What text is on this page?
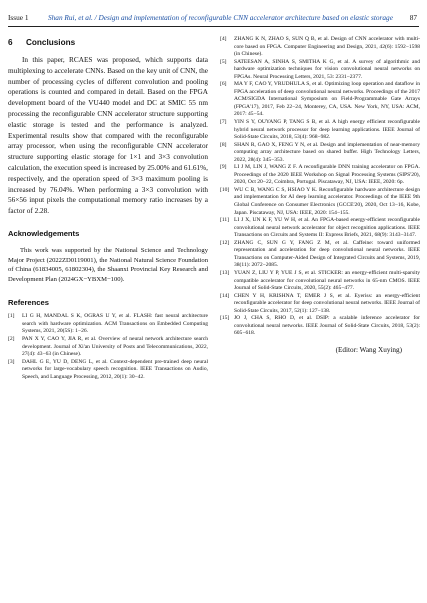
Issue 1	Shan Rui, et al. / Design and implementation of reconfigurable CNN accelerator architecture based on elastic storage 87
6 Conclusions

In this paper, RCAES was proposed, which supports data multiplexing to accelerate CNNs. Based on the key unit of CNN, the number of processing cycles of different convolution and pooling operations is counted and compared in detail. Based on the FPGA development board of the VU440 model and DC at SMIC 55 nm processing the reconfigurable CNN accelerator structure supporting elastic storage is tested and the performance is analyzed. Experimental results show that compared with the reconfigurable array processor, when using the reconfigurable CNN accelerator structure supporting elastic storage for 1×1 and 3×3 convolution calculation, the execution speed is increased by 25.00% and 61.61%, respectively, and the operation speed of 3×3 maximum pooling is increased by 76.04%. When performing a 3×3 convolution with 56×56 input pixels the computational memory ratio increases by a factor of 2.28.

Acknowledgements

This work was supported by the National Science and Technology Major Project (2022ZD0119001), the National Natural Science Foundation of China (61834005, 61802304), the Shaanxi Provincial Key Research and Development Plan (2024GX−YBXM−100).

References
[1] LI G H, MANDAL S K, OGRAS U Y, et al. FLASH: fast neural architecture search with hardware optimization. ACM Transactions on Embedded Computing Systems, 2021, 20(5S): 1−26.
[2] PAN X Y, CAO Y, JIA R, et al. Overview of neural network architecture search development. Journal of Xi'an University of Posts and Telecommunications, 2022, 27(4): 43−63 (in Chinese).
[3] DAHL G E, YU D, DENG L, et al. Context-dependent pre-trained deep neural networks for large-vocabulary speech recognition. IEEE Transactions on Audio, Speech, and Language Processing, 2012, 20(1): 30−42.
[4] ZHANG K N, ZHAO S, SUN Q B, et al. Design of CNN accelerator with multi-core based on FPGA. Computer Engineering and Design, 2021, 42(6): 1592−1598 (in Chinese).
[5] SATEESAN A, SINHA S, SMITHA K G, et al. A survey of algorithmic and hardware optimization techniques for vision convolutional neural networks on FPGAs. Neural Processing Letters, 2021, 53: 2331−2377.
[6] MA Y F, CAO Y, VRUDHULA S, et al. Optimizing loop operation and dataflow in FPGA acceleration of deep convolutional neural networks. Proceedings of the 2017 ACM/SIGDA International Symposium on Field-Programmable Gate Arrays (FPGA'17), 2017, Feb 22−24, Monterey, CA, USA. New York, NY, USA: ACM, 2017: 45−54.
[7] YIN S Y, OUYANG P, TANG S B, et al. A high energy efficient reconfigurable hybrid neural network processor for deep learning applications. IEEE Journal of Solid-State Circuits, 2018, 53(4): 968−982.
[8] SHAN R, GAO X, FENG Y N, et al. Design and implementation of near-memory computing array architecture based on shared buffer. High Technology Letters, 2022, 28(4): 345−353.
[9] LI J M, LIN J, WANG Z F. A reconfigurable DNN training accelerator on FPGA. Proceedings of the 2020 IEEE Workshop on Signal Processing Systems (SIPS'20), 2020, Oct 20−22, Coimbra, Portugal. Piscataway, NJ, USA: IEEE, 2020: 6p.
[10] WU C B, WANG C S, HSIAO Y K. Reconfigurable hardware architecture design and implementation for AI deep learning accelerator. Proceedings of the IEEE 9th Global Conference on Consumer Electronics (GCCE'20), 2020, Oct 13−16, Kobe, Japan. Piscataway, NJ, USA: IEEE, 2020: 154−155.
[11] LI J X, UN K F, YU W H, et al. An FPGA-based energy-efficient reconfigurable convolutional neural network accelerator for object recognition applications. IEEE Transactions on Circuits and Systems II: Express Briefs, 2021, 68(9): 3143−3147.
[12] ZHANG C, SUN G Y, FANG Z M, et al. Caffeine: toward uniformed representation and acceleration for deep convolutional neural networks. IEEE Transactions on Computer-Aided Design of Integrated Circuits and Systems, 2019, 38(11): 2072−2085.
[13] YUAN Z, LIU Y P, YUE J S, et al. STICKER: an energy-efficient multi-sparsity compatible accelerator for convolutional neural networks in 65-nm CMOS. IEEE Journal of Solid-State Circuits, 2020, 55(2): 465−477.
[14] CHEN Y H, KRISHNA T, EMER J S, et al. Eyeriss: an energy-efficient reconfigurable accelerator for deep convolutional neural networks. IEEE Journal of Solid-State Circuits, 2017, 52(1): 127−138.
[15] JO J, CHA S, RHO D, et al. DSIP: a scalable inference accelerator for convolutional neural networks. IEEE Journal of Solid-State Circuits, 2018, 53(2): 605−618.
(Editor: Wang Xuying)
